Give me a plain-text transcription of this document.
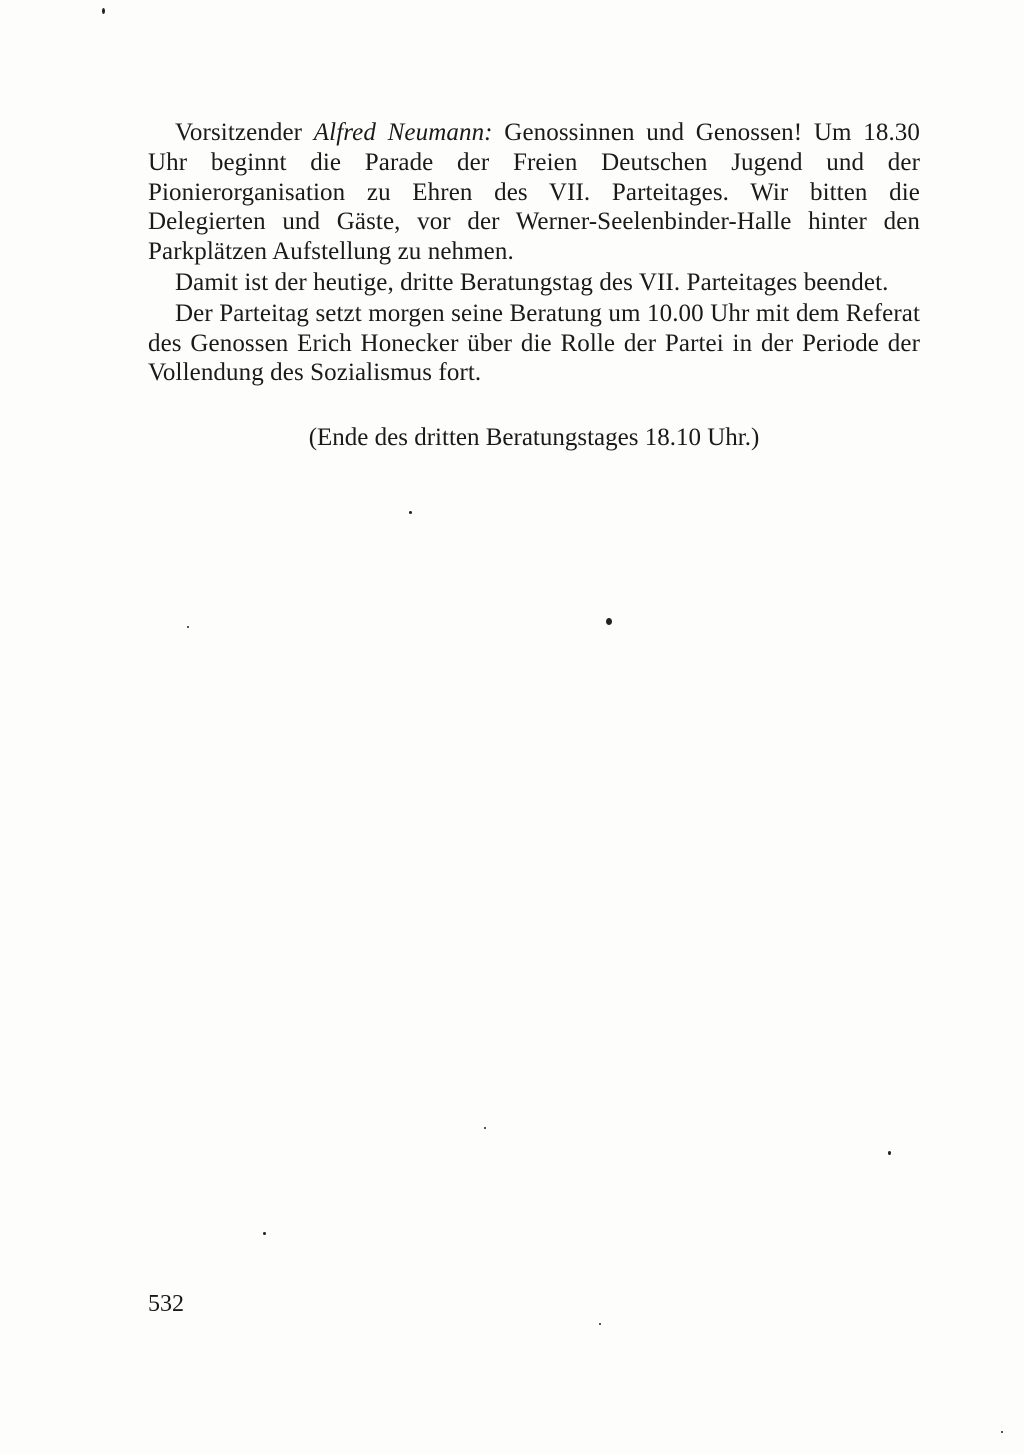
Vorsitzender Alfred Neumann: Genossinnen und Genossen! Um 18.30 Uhr beginnt die Parade der Freien Deutschen Jugend und der Pionierorganisation zu Ehren des VII. Parteitages. Wir bitten die Delegierten und Gäste, vor der Werner-Seelenbinder-Halle hinter den Parkplätzen Aufstellung zu nehmen.

Damit ist der heutige, dritte Beratungstag des VII. Parteitages beendet.

Der Parteitag setzt morgen seine Beratung um 10.00 Uhr mit dem Referat des Genossen Erich Honecker über die Rolle der Partei in der Periode der Vollendung des Sozialismus fort.

(Ende des dritten Beratungstages 18.10 Uhr.)

532
